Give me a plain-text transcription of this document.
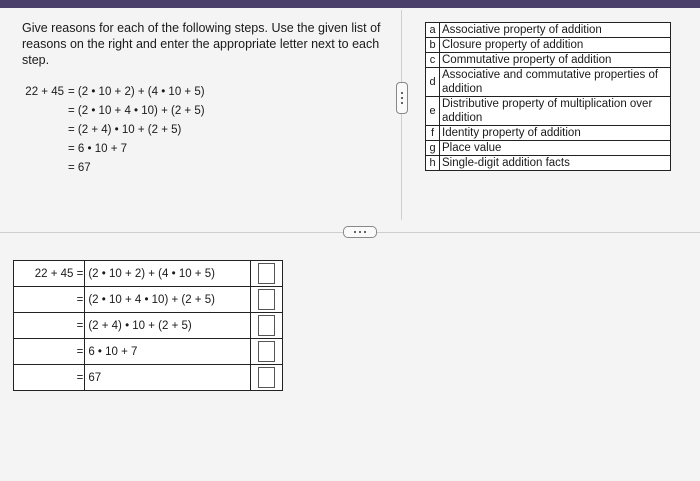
Give reasons for each of the following steps. Use the given list of reasons on the right and enter the appropriate letter next to each step.
22 + 45 = (2 • 10 + 2) + (4 • 10 + 5)
= (2 • 10 + 4 • 10) + (2 + 5)
= (2 + 4) • 10 + (2 + 5)
= 6 • 10 + 7
= 67
a	Associative property of addition
b	Closure property of addition
c	Commutative property of addition
d	Associative and commutative properties of addition
e	Distributive property of multiplication over addition
f	Identity property of addition
g	Place value
h	Single-digit addition facts
22 + 45 =	(2 • 10 + 2) + (4 • 10 + 5)	
=	(2 • 10 + 4 • 10) + (2 + 5)	
=	(2 + 4) • 10 + (2 + 5)	
=	6 • 10 + 7	
=	67	
